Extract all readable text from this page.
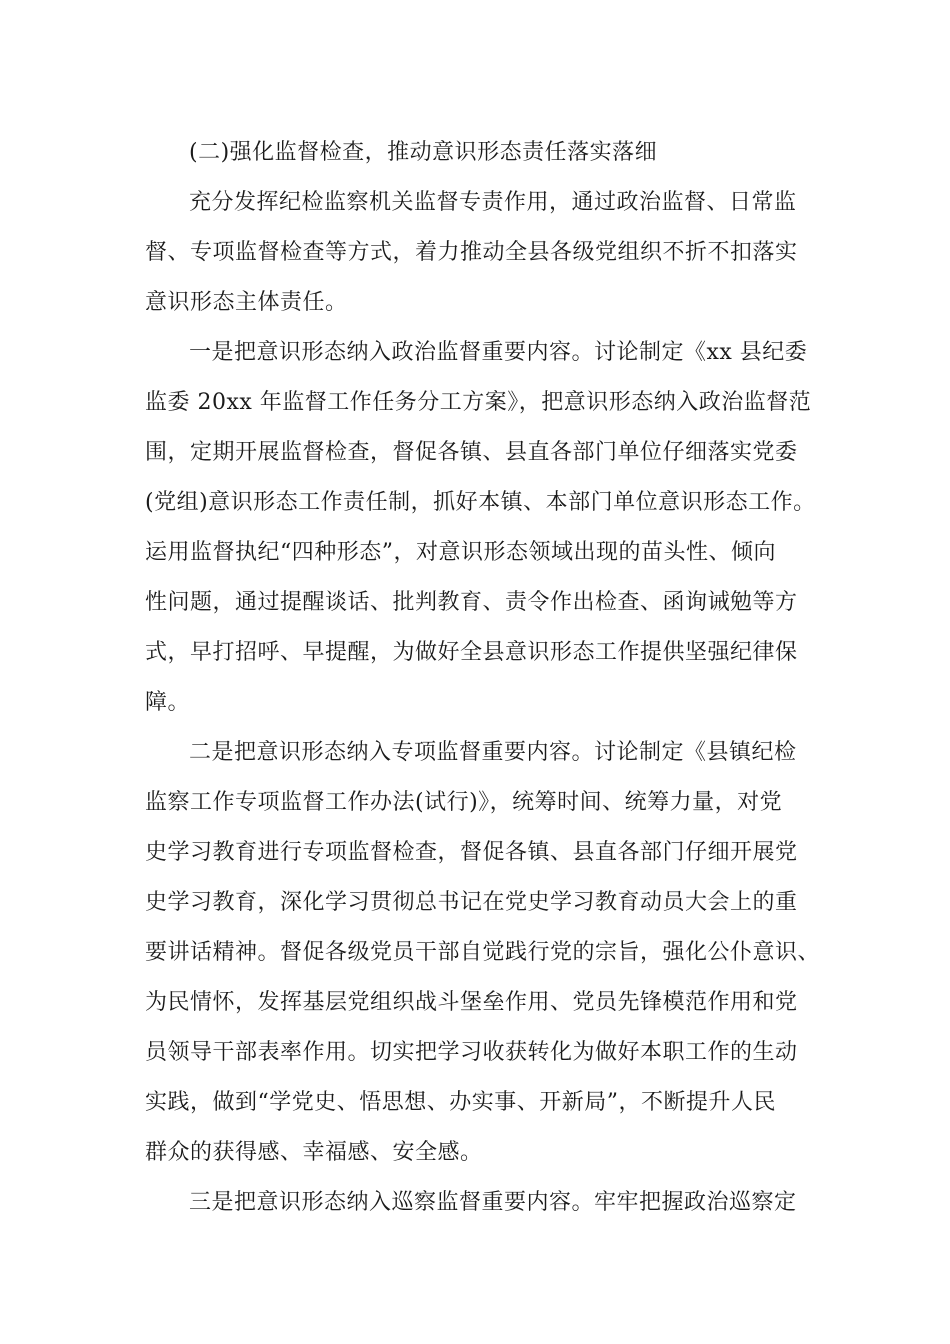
(二)强化监督检查，推动意识形态责任落实落细

充分发挥纪检监察机关监督专责作用，通过政治监督、日常监
督、专项监督检查等方式，着力推动全县各级党组织不折不扣落实
意识形态主体责任。
一是把意识形态纳入政治监督重要内容。讨论制定《xx 县纪委
监委 20xx 年监督工作任务分工方案》，把意识形态纳入政治监督范
围，定期开展监督检查，督促各镇、县直各部门单位仔细落实党委
(党组)意识形态工作责任制，抓好本镇、本部门单位意识形态工作。
运用监督执纪“四种形态”，对意识形态领域出现的苗头性、倾向
性问题，通过提醒谈话、批判教育、责令作出检查、函询诫勉等方
式，早打招呼、早提醒，为做好全县意识形态工作提供坚强纪律保
障。
二是把意识形态纳入专项监督重要内容。讨论制定《县镇纪检
监察工作专项监督工作办法(试行)》，统筹时间、统筹力量，对党
史学习教育进行专项监督检查，督促各镇、县直各部门仔细开展党
史学习教育，深化学习贯彻总书记在党史学习教育动员大会上的重
要讲话精神。督促各级党员干部自觉践行党的宗旨，强化公仆意识、
为民情怀，发挥基层党组织战斗堡垒作用、党员先锋模范作用和党
员领导干部表率作用。切实把学习收获转化为做好本职工作的生动
实践，做到“学党史、悟思想、办实事、开新局”，不断提升人民
群众的获得感、幸福感、安全感。
三是把意识形态纳入巡察监督重要内容。牢牢把握政治巡察定
